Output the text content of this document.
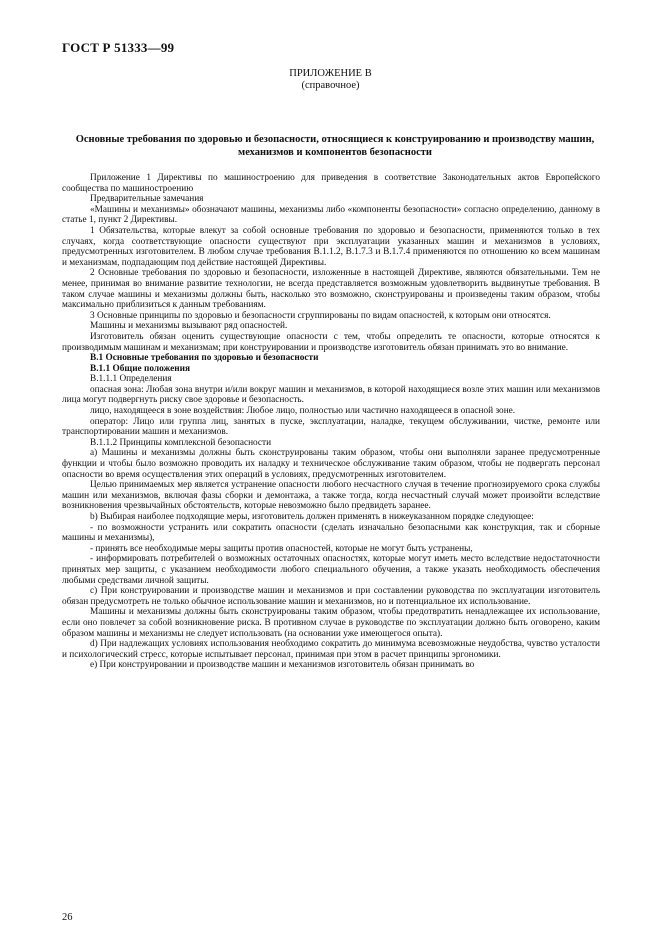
ГОСТ Р 51333—99
ПРИЛОЖЕНИЕ В
(справочное)
Основные требования по здоровью и безопасности, относящиеся к конструированию и производству машин, механизмов и компонентов безопасности

Приложение 1 Директивы по машиностроению для приведения в соответствие Законодательных актов Европейского сообщества по машиностроению

Предварительные замечания

«Машины и механизмы» обозначают машины, механизмы либо «компоненты безопасности» согласно определению, данному в статье 1, пункт 2 Директивы.

1 Обязательства, которые влекут за собой основные требования по здоровью и безопасности, применяются только в тех случаях, когда соответствующие опасности существуют при эксплуатации указанных машин и механизмов в условиях, предусмотренных изготовителем. В любом случае требования В.1.1.2, В.1.7.3 и В.1.7.4 применяются по отношению ко всем машинам и механизмам, подпадающим под действие настоящей Директивы.

2 Основные требования по здоровью и безопасности, изложенные в настоящей Директиве, являются обязательными. Тем не менее, принимая во внимание развитие технологии, не всегда представляется возможным удовлетворить выдвинутые требования. В таком случае машины и механизмы должны быть, насколько это возможно, сконструированы и произведены таким образом, чтобы максимально приблизиться к данным требованиям.

3 Основные принципы по здоровью и безопасности сгруппированы по видам опасностей, к которым они относятся.

Машины и механизмы вызывают ряд опасностей.

Изготовитель обязан оценить существующие опасности с тем, чтобы определить те опасности, которые относятся к производимым машинам и механизмам; при конструировании и производстве изготовитель обязан принимать это во внимание.

В.1 Основные требования по здоровью и безопасности

В.1.1 Общие положения

В.1.1.1 Определения

опасная зона: Любая зона внутри и/или вокруг машин и механизмов, в которой находящиеся возле этих машин или механизмов лица могут подвергнуть риску свое здоровье и безопасность.

лицо, находящееся в зоне воздействия: Любое лицо, полностью или частично находящееся в опасной зоне.

оператор: Лицо или группа лиц, занятых в пуске, эксплуатации, наладке, текущем обслуживании, чистке, ремонте или транспортировании машин и механизмов.

В.1.1.2 Принципы комплексной безопасности

а) Машины и механизмы должны быть сконструированы таким образом, чтобы они выполняли заранее предусмотренные функции и чтобы было возможно проводить их наладку и техническое обслуживание таким образом, чтобы не подвергать персонал опасности во время осуществления этих операций в условиях, предусмотренных изготовителем.

Целью принимаемых мер является устранение опасности любого несчастного случая в течение прогнозируемого срока службы машин или механизмов, включая фазы сборки и демонтажа, а также тогда, когда несчастный случай может произойти вследствие возникновения чрезвычайных обстоятельств, которые невозможно было предвидеть заранее.

b) Выбирая наиболее подходящие меры, изготовитель должен применять в нижеуказанном порядке следующее:

- по возможности устранить или сократить опасности (сделать изначально безопасными как конструкция, так и сборные машины и механизмы),

- принять все необходимые меры защиты против опасностей, которые не могут быть устранены,

- информировать потребителей о возможных остаточных опасностях, которые могут иметь место вследствие недостаточности принятых мер защиты, с указанием необходимости любого специального обучения, а также указать необходимость обеспечения любыми средствами личной защиты.

с) При конструировании и производстве машин и механизмов и при составлении руководства по эксплуатации изготовитель обязан предусмотреть не только обычное использование машин и механизмов, но и потенциальное их использование.

Машины и механизмы должны быть сконструированы таким образом, чтобы предотвратить ненадлежащее их использование, если оно повлечет за собой возникновение риска. В противном случае в руководстве по эксплуатации должно быть оговорено, каким образом машины и механизмы не следует использовать (на основании уже имеющегося опыта).

d) При надлежащих условиях использования необходимо сократить до минимума всевозможные неудобства, чувство усталости и психологический стресс, которые испытывает персонал, принимая при этом в расчет принципы эргономики.

е) При конструировании и производстве машин и механизмов изготовитель обязан принимать во

26
